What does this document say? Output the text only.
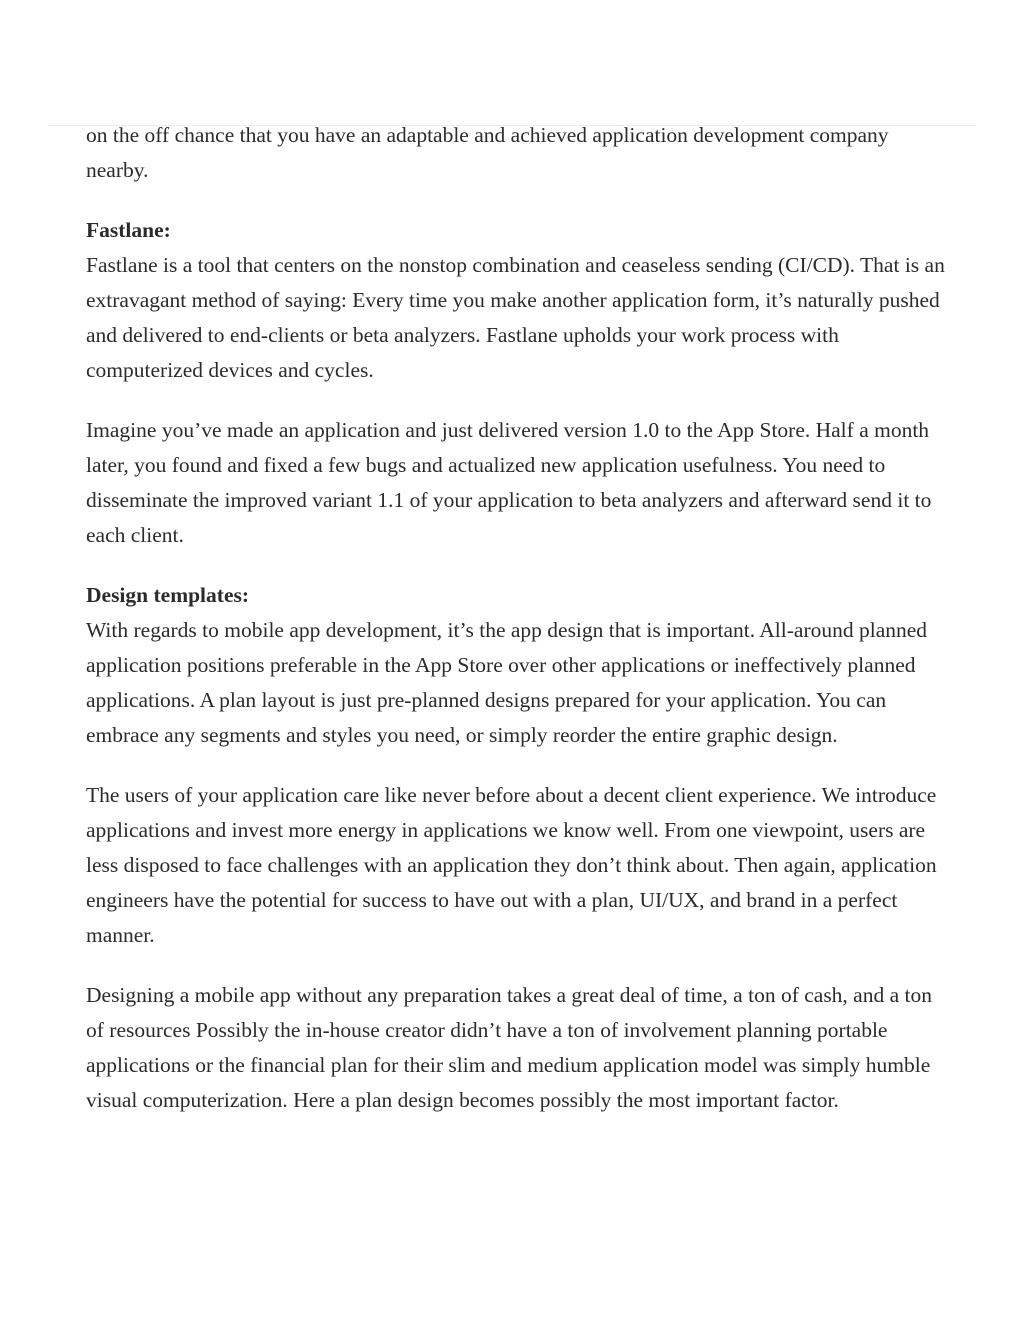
on the off chance that you have an adaptable and achieved application development company nearby.

Fastlane:
Fastlane is a tool that centers on the nonstop combination and ceaseless sending (CI/CD). That is an extravagant method of saying: Every time you make another application form, it’s naturally pushed and delivered to end-clients or beta analyzers. Fastlane upholds your work process with computerized devices and cycles.

Imagine you’ve made an application and just delivered version 1.0 to the App Store. Half a month later, you found and fixed a few bugs and actualized new application usefulness. You need to disseminate the improved variant 1.1 of your application to beta analyzers and afterward send it to each client.

Design templates:
With regards to mobile app development, it’s the app design that is important. All-around planned application positions preferable in the App Store over other applications or ineffectively planned applications. A plan layout is just pre-planned designs prepared for your application. You can embrace any segments and styles you need, or simply reorder the entire graphic design.

The users of your application care like never before about a decent client experience. We introduce applications and invest more energy in applications we know well. From one viewpoint, users are less disposed to face challenges with an application they don’t think about. Then again, application engineers have the potential for success to have out with a plan, UI/UX, and brand in a perfect manner.

Designing a mobile app without any preparation takes a great deal of time, a ton of cash, and a ton of resources Possibly the in-house creator didn’t have a ton of involvement planning portable applications or the financial plan for their slim and medium application model was simply humble visual computerization. Here a plan design becomes possibly the most important factor.
